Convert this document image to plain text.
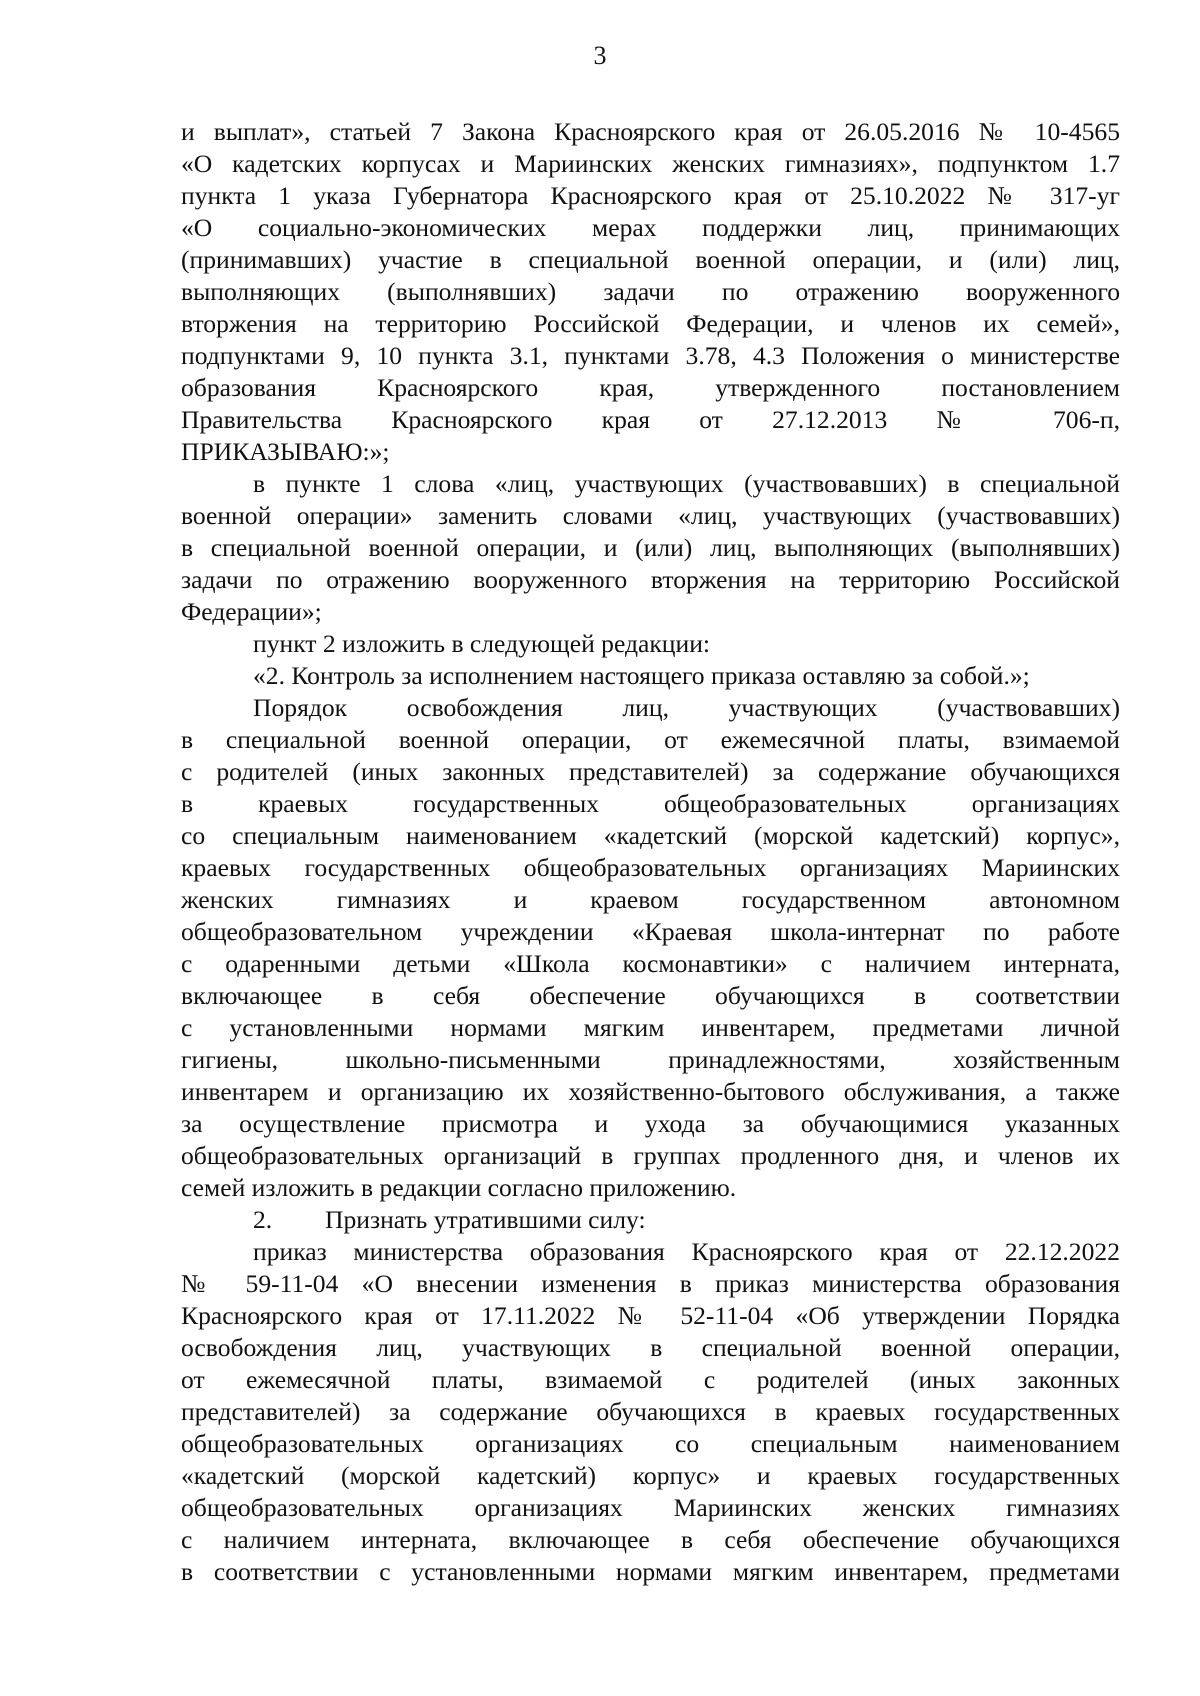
3
и выплат», статьей 7 Закона Красноярского края от 26.05.2016 № 10-4565
«О кадетских корпусах и Мариинских женских гимназиях», подпунктом 1.7
пункта 1 указа Губернатора Красноярского края от 25.10.2022 № 317-уг
«О социально-экономических мерах поддержки лиц, принимающих
(принимавших) участие в специальной военной операции, и (или) лиц,
выполняющих (выполнявших) задачи по отражению вооруженного
вторжения на территорию Российской Федерации, и членов их семей»,
подпунктами 9, 10 пункта 3.1, пунктами 3.78, 4.3 Положения о министерстве
образования Красноярского края, утвержденного постановлением
Правительства Красноярского края от 27.12.2013 № 706-п,
ПРИКАЗЫВАЮ:»;
в пункте 1 слова «лиц, участвующих (участвовавших) в специальной
военной операции» заменить словами «лиц, участвующих (участвовавших)
в специальной военной операции, и (или) лиц, выполняющих (выполнявших)
задачи по отражению вооруженного вторжения на территорию Российской
Федерации»;
пункт 2 изложить в следующей редакции:
«2. Контроль за исполнением настоящего приказа оставляю за собой.»;
Порядок освобождения лиц, участвующих (участвовавших)
в специальной военной операции, от ежемесячной платы, взимаемой
с родителей (иных законных представителей) за содержание обучающихся
в краевых государственных общеобразовательных организациях
со специальным наименованием «кадетский (морской кадетский) корпус»,
краевых государственных общеобразовательных организациях Мариинских
женских гимназиях и краевом государственном автономном
общеобразовательном учреждении «Краевая школа-интернат по работе
с одаренными детьми «Школа космонавтики» с наличием интерната,
включающее в себя обеспечение обучающихся в соответствии
с установленными нормами мягким инвентарем, предметами личной
гигиены, школьно-письменными принадлежностями, хозяйственным
инвентарем и организацию их хозяйственно-бытового обслуживания, а также
за осуществление присмотра и ухода за обучающимися указанных
общеобразовательных организаций в группах продленного дня, и членов их
семей изложить в редакции согласно приложению.
2. Признать утратившими силу:
приказ министерства образования Красноярского края от 22.12.2022
№ 59-11-04 «О внесении изменения в приказ министерства образования
Красноярского края от 17.11.2022 № 52-11-04 «Об утверждении Порядка
освобождения лиц, участвующих в специальной военной операции,
от ежемесячной платы, взимаемой с родителей (иных законных
представителей) за содержание обучающихся в краевых государственных
общеобразовательных организациях со специальным наименованием
«кадетский (морской кадетский) корпус» и краевых государственных
общеобразовательных организациях Мариинских женских гимназиях
с наличием интерната, включающее в себя обеспечение обучающихся
в соответствии с установленными нормами мягким инвентарем, предметами
